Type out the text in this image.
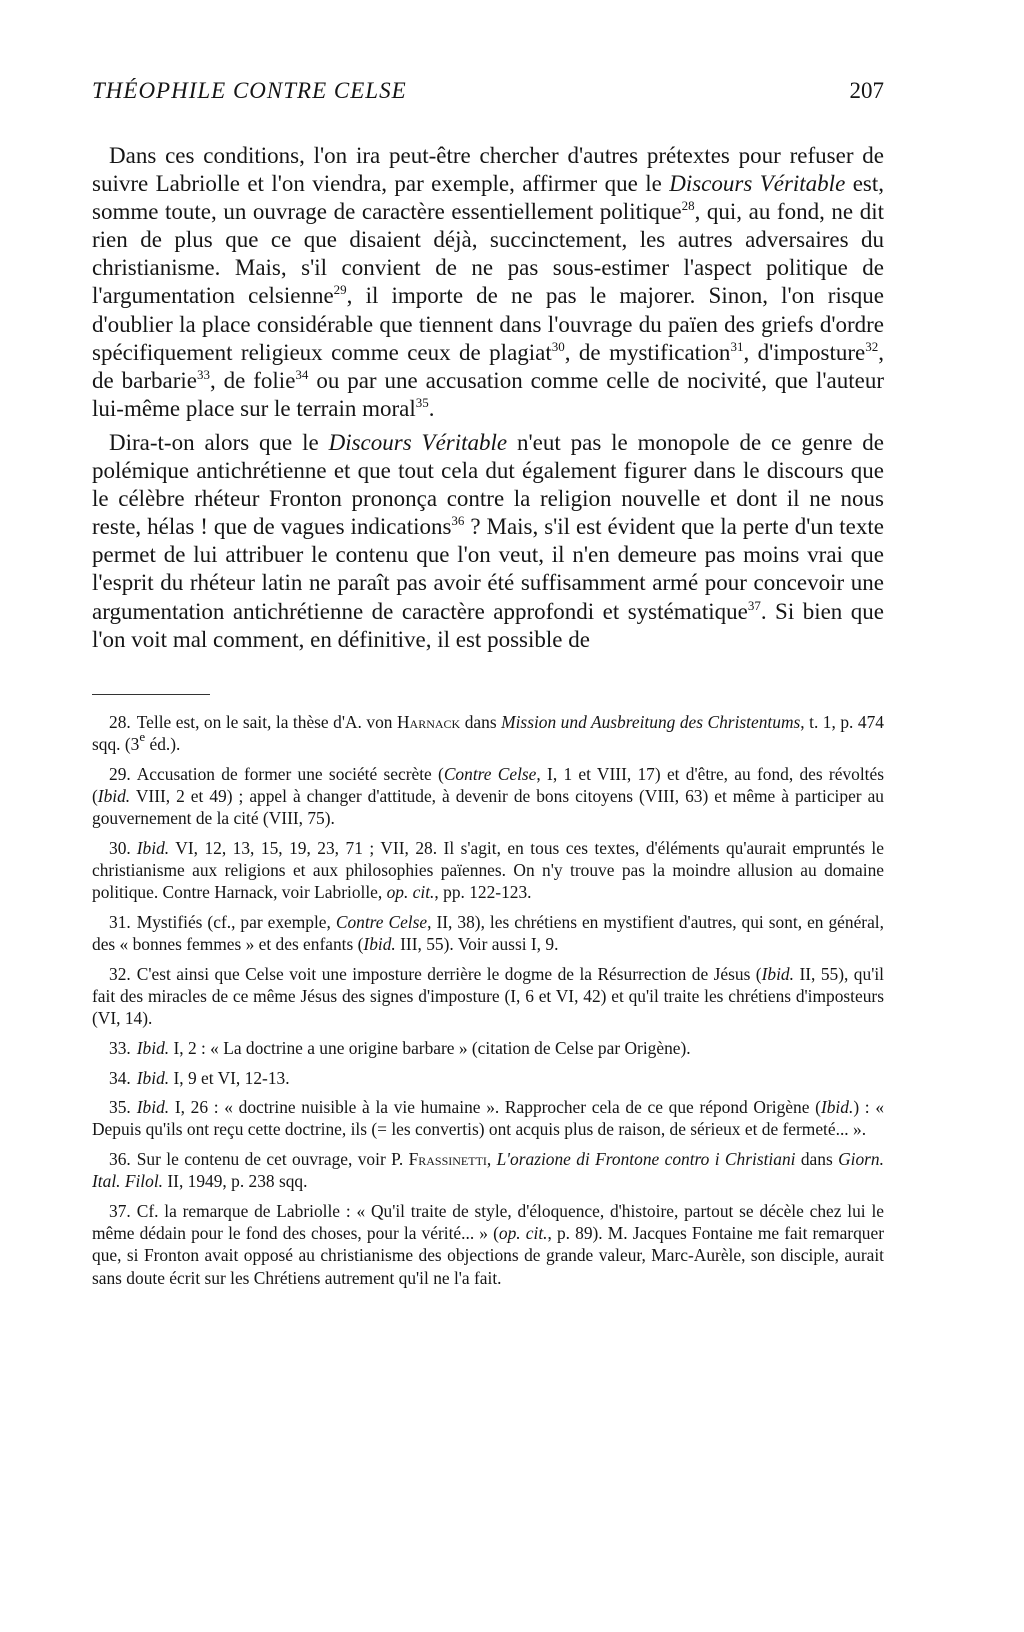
THÉOPHILE CONTRE CELSE	207

Dans ces conditions, l'on ira peut-être chercher d'autres prétextes pour refuser de suivre Labriolle et l'on viendra, par exemple, affirmer que le Discours Véritable est, somme toute, un ouvrage de caractère essentiellement politique$^{28}$, qui, au fond, ne dit rien de plus que ce que disaient déjà, succinctement, les autres adversaires du christianisme. Mais, s'il convient de ne pas sous-estimer l'aspect politique de l'argumentation celsienne$^{29}$, il importe de ne pas le majorer. Sinon, l'on risque d'oublier la place considérable que tiennent dans l'ouvrage du païen des griefs d'ordre spécifiquement religieux comme ceux de plagiat$^{30}$, de mystification$^{31}$, d'imposture$^{32}$, de barbarie$^{33}$, de folie$^{34}$ ou par une accusation comme celle de nocivité, que l'auteur lui-même place sur le terrain moral$^{35}$.

Dira-t-on alors que le Discours Véritable n'eut pas le monopole de ce genre de polémique antichrétienne et que tout cela dut également figurer dans le discours que le célèbre rhéteur Fronton prononça contre la religion nouvelle et dont il ne nous reste, hélas ! que de vagues indications$^{36}$ ? Mais, s'il est évident que la perte d'un texte permet de lui attribuer le contenu que l'on veut, il n'en demeure pas moins vrai que l'esprit du rhéteur latin ne paraît pas avoir été suffisamment armé pour concevoir une argumentation antichrétienne de caractère approfondi et systématique$^{37}$. Si bien que l'on voit mal comment, en définitive, il est possible de

28. Telle est, on le sait, la thèse d'A. von Harnack dans Mission und Ausbreitung des Christentums, t. 1, p. 474 sqq. (3e éd.).

29. Accusation de former une société secrète (Contre Celse, I, 1 et VIII, 17) et d'être, au fond, des révoltés (Ibid. VIII, 2 et 49) ; appel à changer d'attitude, à devenir de bons citoyens (VIII, 63) et même à participer au gouvernement de la cité (VIII, 75).

30. Ibid. VI, 12, 13, 15, 19, 23, 71 ; VII, 28. Il s'agit, en tous ces textes, d'éléments qu'aurait empruntés le christianisme aux religions et aux philosophies païennes. On n'y trouve pas la moindre allusion au domaine politique. Contre Harnack, voir Labriolle, op. cit., pp. 122-123.

31. Mystifiés (cf., par exemple, Contre Celse, II, 38), les chrétiens en mystifient d'autres, qui sont, en général, des « bonnes femmes » et des enfants (Ibid. III, 55). Voir aussi I, 9.

32. C'est ainsi que Celse voit une imposture derrière le dogme de la Résurrection de Jésus (Ibid. II, 55), qu'il fait des miracles de ce même Jésus des signes d'imposture (I, 6 et VI, 42) et qu'il traite les chrétiens d'imposteurs (VI, 14).

33. Ibid. I, 2 : « La doctrine a une origine barbare » (citation de Celse par Origène).

34. Ibid. I, 9 et VI, 12-13.

35. Ibid. I, 26 : « doctrine nuisible à la vie humaine ». Rapprocher cela de ce que répond Origène (Ibid.) : « Depuis qu'ils ont reçu cette doctrine, ils (= les convertis) ont acquis plus de raison, de sérieux et de fermeté... ».

36. Sur le contenu de cet ouvrage, voir P. Frassinetti, L'orazione di Frontone contro i Christiani dans Giorn. Ital. Filol. II, 1949, p. 238 sqq.

37. Cf. la remarque de Labriolle : « Qu'il traite de style, d'éloquence, d'histoire, partout se décèle chez lui le même dédain pour le fond des choses, pour la vérité... » (op. cit., p. 89). M. Jacques Fontaine me fait remarquer que, si Fronton avait opposé au christianisme des objections de grande valeur, Marc-Aurèle, son disciple, aurait sans doute écrit sur les Chrétiens autrement qu'il ne l'a fait.
